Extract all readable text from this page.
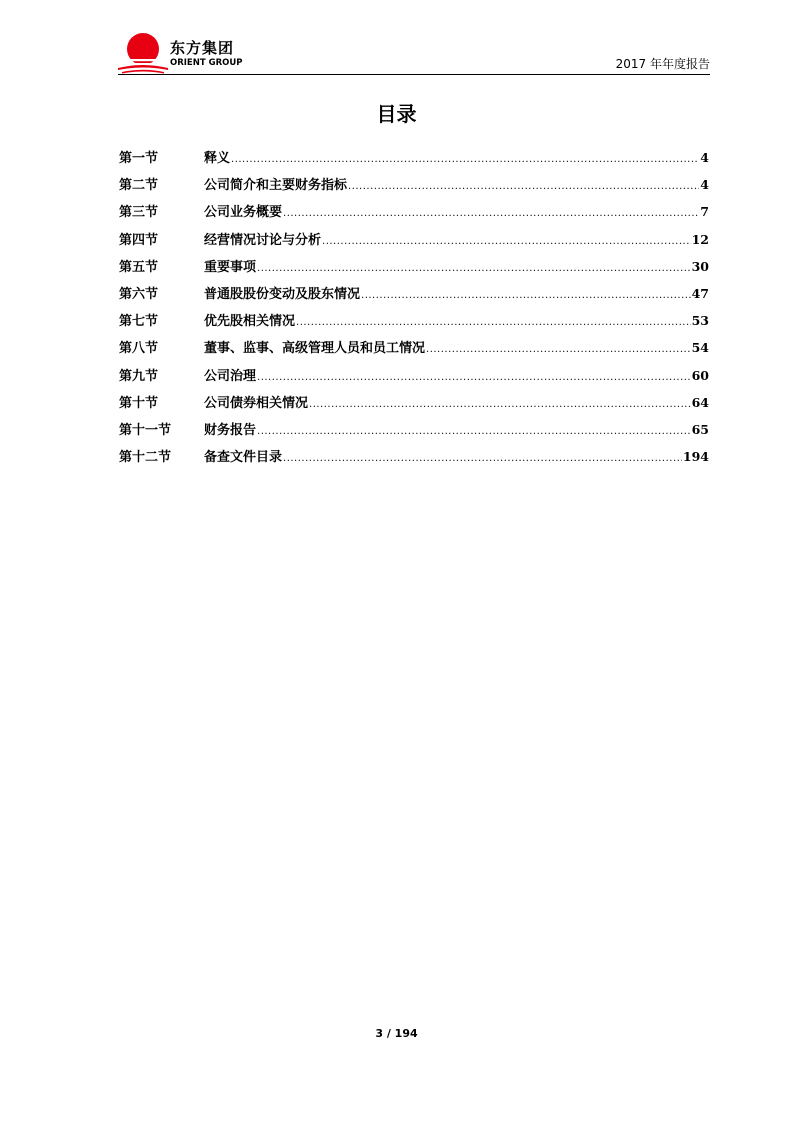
东方集团
ORIENT GROUP	2017 年年度报告
目录
第一节	释义 .....	4
第二节	公司简介和主要财务指标 .....	4
第三节	公司业务概要 .....	7
第四节	经营情况讨论与分析 .....	12
第五节	重要事项 .....	30
第六节	普通股股份变动及股东情况 .....	47
第七节	优先股相关情况 .....	53
第八节	董事、监事、高级管理人员和员工情况 .....	54
第九节	公司治理 .....	60
第十节	公司债券相关情况 .....	64
第十一节	财务报告 .....	65
第十二节	备查文件目录 .....	194
3 / 194
